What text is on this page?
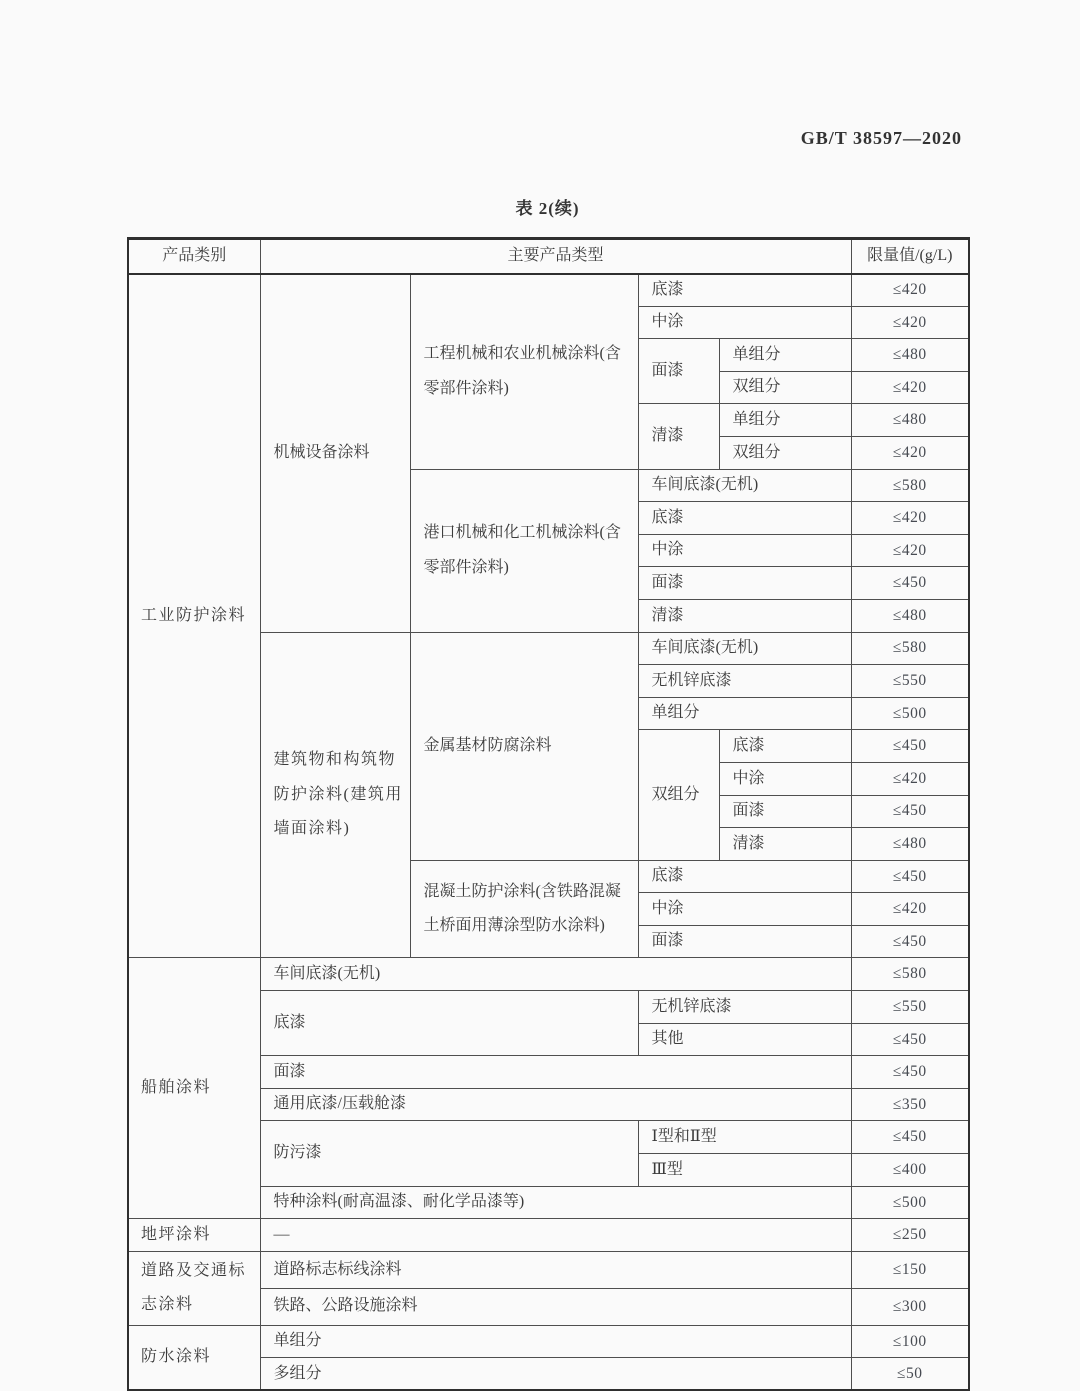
GB/T 38597—2020
表 2(续)
产品类别	主要产品类型				限量值/(g/L)
工业防护涂料	机械设备涂料	工程机械和农业机械涂料(含零部件涂料)	底漆		≤420
			中涂		≤420
			面漆	单组分	≤480
				双组分	≤420
			清漆	单组分	≤480
				双组分	≤420
		港口机械和化工机械涂料(含零部件涂料)	车间底漆(无机)		≤580
			底漆		≤420
			中涂		≤420
			面漆		≤450
			清漆		≤480
	建筑物和构筑物防护涂料(建筑用墙面涂料)	金属基材防腐涂料	车间底漆(无机)		≤580
			无机锌底漆		≤550
			单组分		≤500
			双组分	底漆	≤450
				中涂	≤420
				面漆	≤450
				清漆	≤480
		混凝土防护涂料(含铁路混凝土桥面用薄涂型防水涂料)	底漆		≤450
			中涂		≤420
			面漆		≤450
船舶涂料	车间底漆(无机)				≤580
	底漆		无机锌底漆		≤550
			其他		≤450
	面漆				≤450
	通用底漆/压载舱漆				≤350
	防污漆		Ⅰ型和Ⅱ型		≤450
			Ⅲ型		≤400
	特种涂料(耐高温漆、耐化学品漆等)				≤500
地坪涂料	—				≤250
道路及交通标志涂料	道路标志标线涂料				≤150
	铁路、公路设施涂料				≤300
防水涂料	单组分				≤100
	多组分				≤50
